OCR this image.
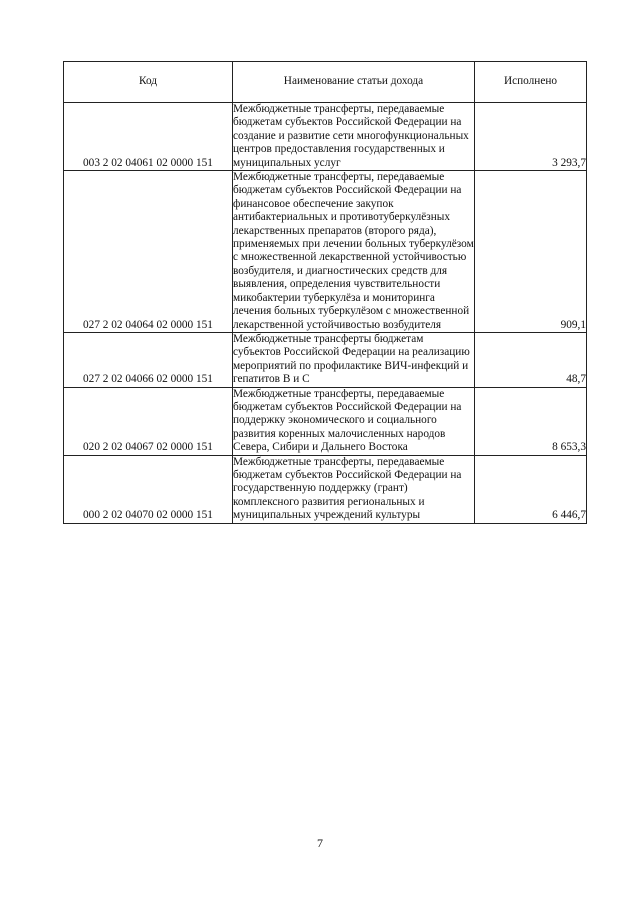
Код	Наименование статьи дохода	Исполнено
003 2 02 04061 02 0000 151	Межбюджетные трансферты, передаваемые бюджетам субъектов Российской Федерации на создание и развитие сети многофункциональных центров предоставления государственных и муниципальных услуг	3 293,7
027 2 02 04064 02 0000 151	Межбюджетные трансферты, передаваемые бюджетам субъектов Российской Федерации на финансовое обеспечение закупок антибактериальных и противотуберкулёзных лекарственных препаратов (второго ряда), применяемых при лечении больных туберкулёзом с множественной лекарственной устойчивостью возбудителя, и диагностических средств для выявления, определения чувствительности микобактерии туберкулёза и мониторинга лечения больных туберкулёзом с множественной лекарственной устойчивостью возбудителя	909,1
027 2 02 04066 02 0000 151	Межбюджетные трансферты бюджетам субъектов Российской Федерации на реализацию мероприятий по профилактике ВИЧ-инфекций и гепатитов В и С	48,7
020 2 02 04067 02 0000 151	Межбюджетные трансферты, передаваемые бюджетам субъектов Российской Федерации на поддержку экономического и социального развития коренных малочисленных народов Севера, Сибири и Дальнего Востока	8 653,3
000 2 02 04070 02 0000 151	Межбюджетные трансферты, передаваемые бюджетам субъектов Российской Федерации на государственную поддержку (грант) комплексного развития региональных и муниципальных учреждений культуры	6 446,7
7
